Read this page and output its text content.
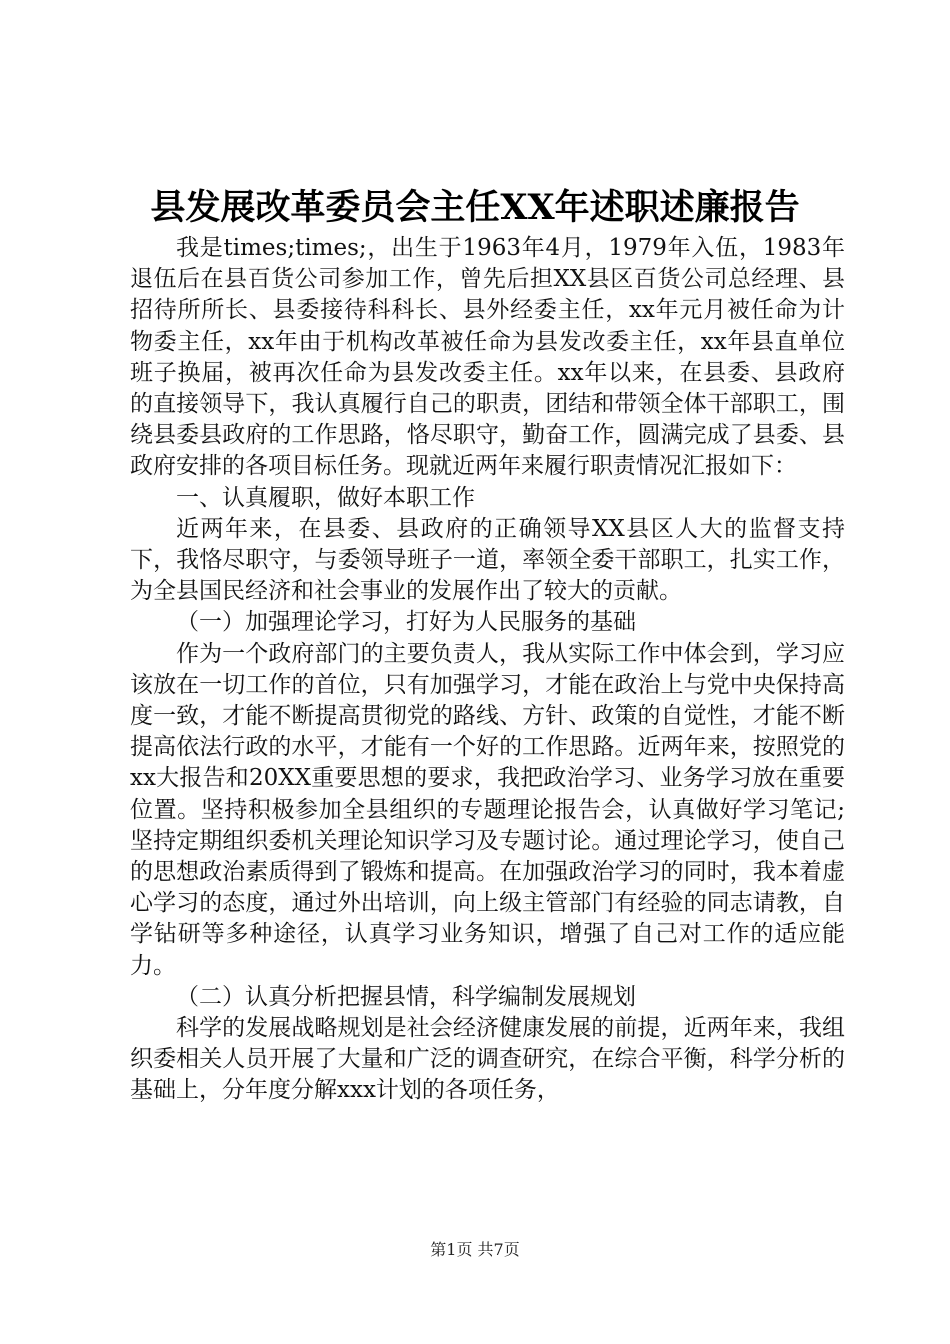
县发展改革委员会主任XX年述职述廉报告

我是times;times;，出生于1963年4月，1979年入伍，1983年退伍后在县百货公司参加工作，曾先后担XX县区百货公司总经理、县招待所所长、县委接待科科长、县外经委主任，xx年元月被任命为计物委主任，xx年由于机构改革被任命为县发改委主任，xx年县直单位班子换届，被再次任命为县发改委主任。xx年以来，在县委、县政府的直接领导下，我认真履行自己的职责，团结和带领全体干部职工，围绕县委县政府的工作思路，恪尽职守，勤奋工作，圆满完成了县委、县政府安排的各项目标任务。现就近两年来履行职责情况汇报如下：

一、认真履职，做好本职工作

近两年来，在县委、县政府的正确领导XX县区人大的监督支持下，我恪尽职守，与委领导班子一道，率领全委干部职工，扎实工作，为全县国民经济和社会事业的发展作出了较大的贡献。

（一）加强理论学习，打好为人民服务的基础

作为一个政府部门的主要负责人，我从实际工作中体会到，学习应该放在一切工作的首位，只有加强学习，才能在政治上与党中央保持高度一致，才能不断提高贯彻党的路线、方针、政策的自觉性，才能不断提高依法行政的水平，才能有一个好的工作思路。近两年来，按照党的xx大报告和20XX重要思想的要求，我把政治学习、业务学习放在重要位置。坚持积极参加全县组织的专题理论报告会，认真做好学习笔记;坚持定期组织委机关理论知识学习及专题讨论。通过理论学习，使自己的思想政治素质得到了锻炼和提高。在加强政治学习的同时，我本着虚心学习的态度，通过外出培训，向上级主管部门有经验的同志请教，自学钻研等多种途径，认真学习业务知识，增强了自己对工作的适应能力。

（二）认真分析把握县情，科学编制发展规划

科学的发展战略规划是社会经济健康发展的前提，近两年来，我组织委相关人员开展了大量和广泛的调查研究，在综合平衡，科学分析的基础上，分年度分解xxx计划的各项任务，

第1页 共7页
